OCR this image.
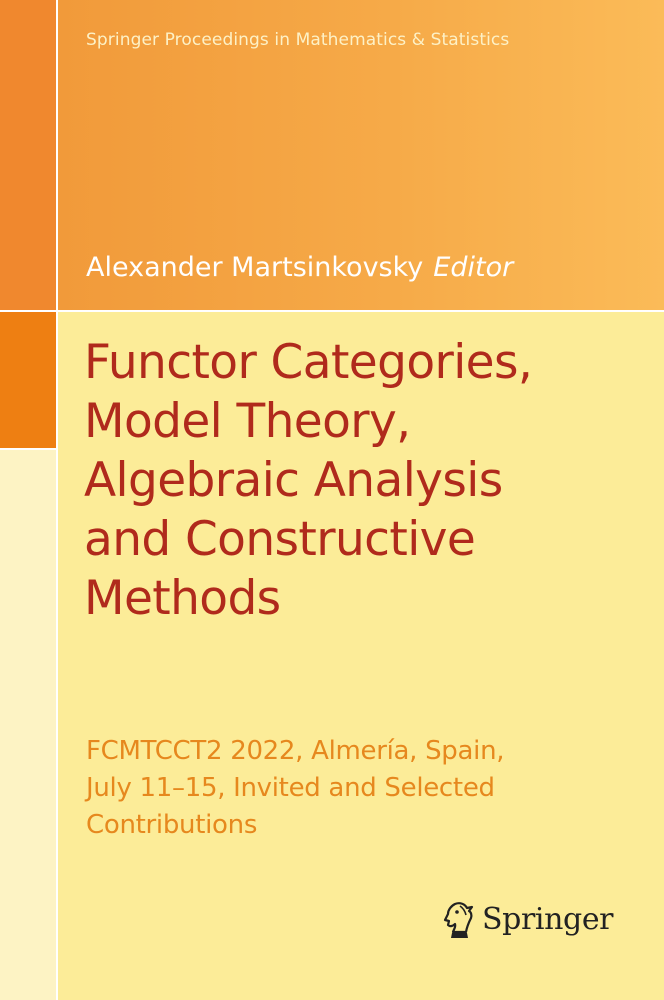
Springer Proceedings in Mathematics & Statistics

Alexander Martsinkovsky Editor

Functor Categories,
Model Theory,
Algebraic Analysis
and Constructive
Methods

FCMTCCT2 2022, Almería, Spain,
July 11–15, Invited and Selected
Contributions

Springer
